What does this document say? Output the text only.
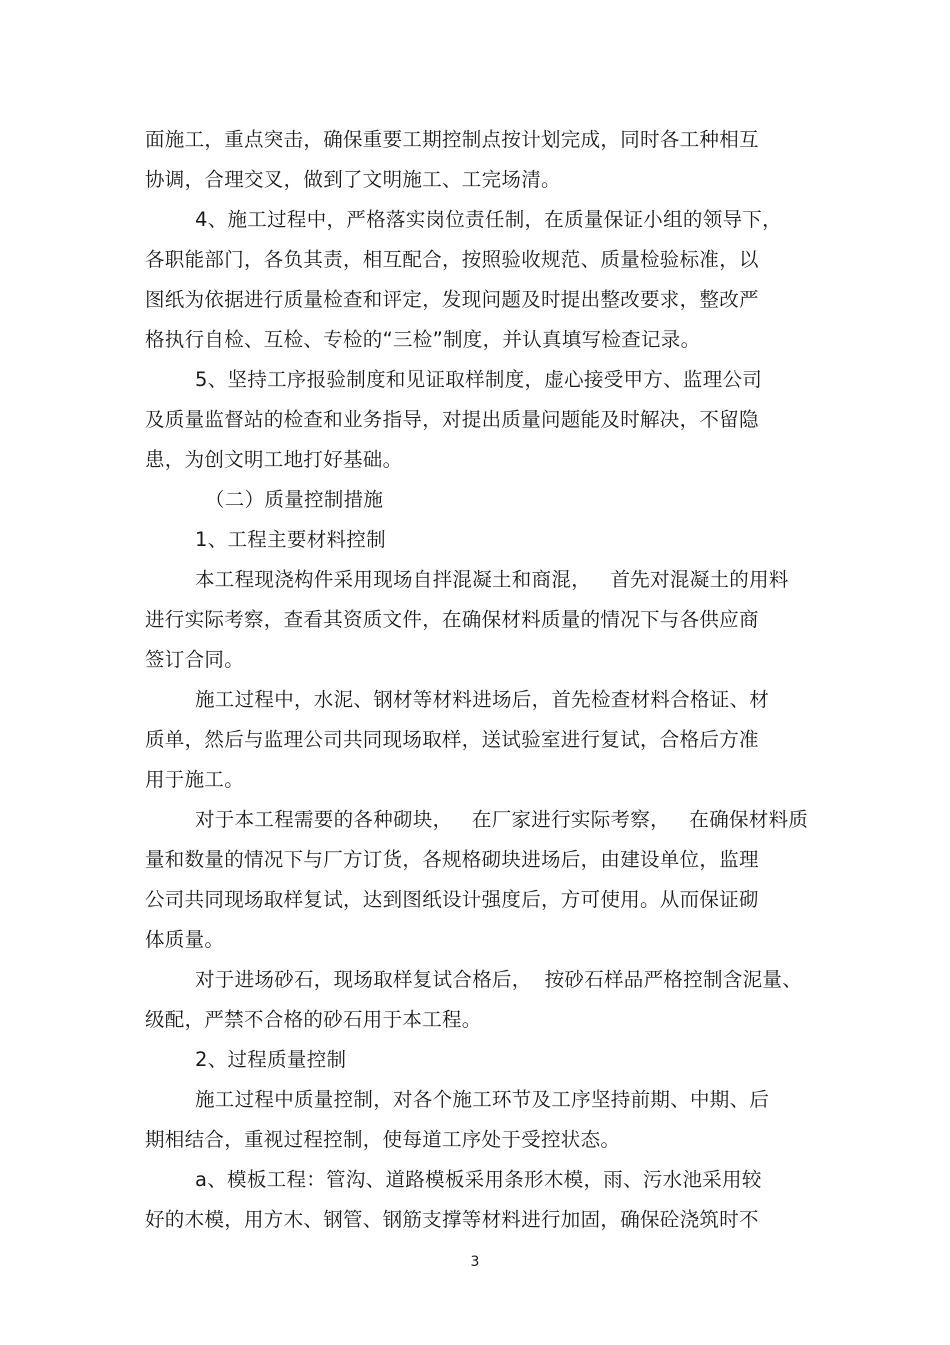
面施工，重点突击，确保重要工期控制点按计划完成，同时各工种相互
协调，合理交叉，做到了文明施工、工完场清。
4、施工过程中，严格落实岗位责任制，在质量保证小组的领导下，
各职能部门，各负其责，相互配合，按照验收规范、质量检验标准，以
图纸为依据进行质量检查和评定，发现问题及时提出整改要求，整改严
格执行自检、互检、专检的“三检”制度，并认真填写检查记录。
5、坚持工序报验制度和见证取样制度，虚心接受甲方、监理公司
及质量监督站的检查和业务指导，对提出质量问题能及时解决，不留隐
患，为创文明工地打好基础。
（二）质量控制措施
1、工程主要材料控制
本工程现浇构件采用现场自拌混凝土和商混，   首先对混凝土的用料
进行实际考察，查看其资质文件，在确保材料质量的情况下与各供应商
签订合同。
施工过程中，水泥、钢材等材料进场后，首先检查材料合格证、材
质单，然后与监理公司共同现场取样，送试验室进行复试，合格后方准
用于施工。
对于本工程需要的各种砌块，   在厂家进行实际考察，   在确保材料质
量和数量的情况下与厂方订货，各规格砌块进场后，由建设单位，监理
公司共同现场取样复试，达到图纸设计强度后，方可使用。从而保证砌
体质量。
对于进场砂石，现场取样复试合格后，  按砂石样品严格控制含泥量、
级配，严禁不合格的砂石用于本工程。
2、过程质量控制
施工过程中质量控制，对各个施工环节及工序坚持前期、中期、后
期相结合，重视过程控制，使每道工序处于受控状态。
a、模板工程：管沟、道路模板采用条形木模，雨、污水池采用较
好的木模，用方木、钢管、钢筋支撑等材料进行加固，确保砼浇筑时不
3
